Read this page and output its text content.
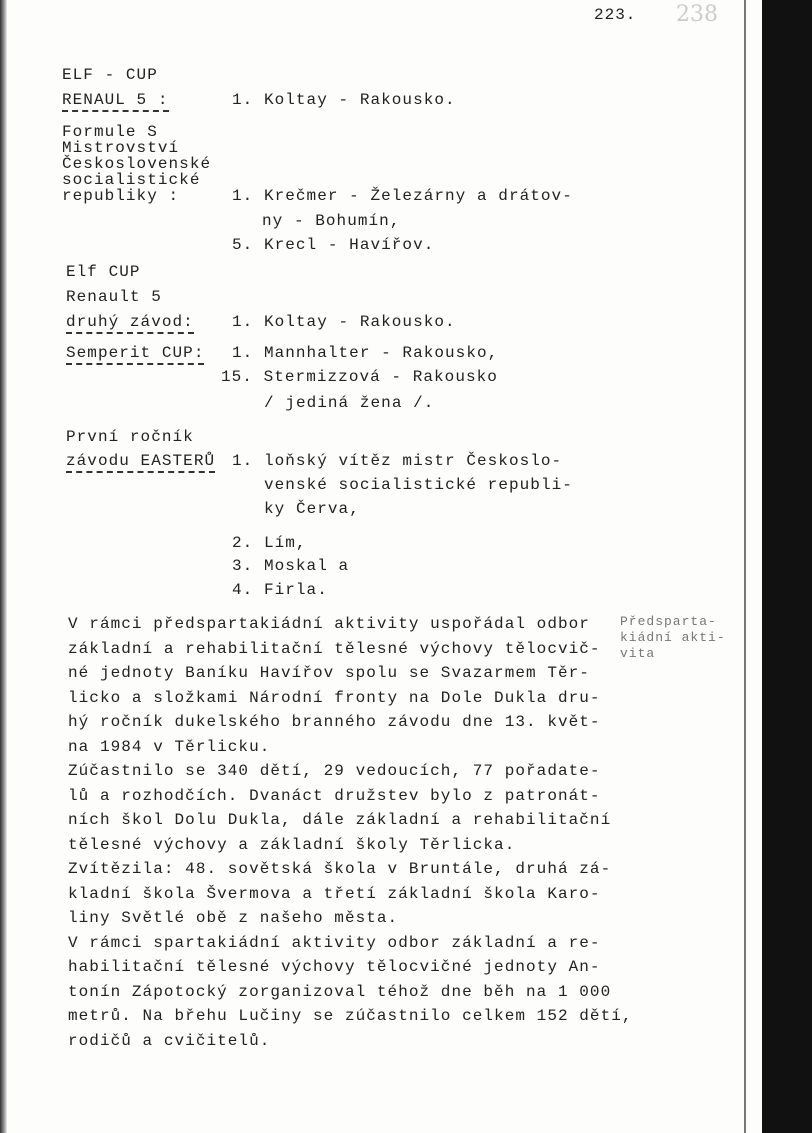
223. 238
ELF - CUP
RENAUL 5 :	1. Koltay - Rakousko.
Formule S
Mistrovství
Československé
socialistické
republiky :	1. Krečmer - Železárny a drátov-
ny - Bohumín,
5. Krecl - Havířov.
Elf CUP
Renault 5
druhý závod: 1. Koltay - Rakousko.
Semperit CUP: 1. Mannhalter - Rakousko,
15. Stermizzová - Rakousko
/ jediná žena /.
První ročník
závodu EASTERŮ 1. loňský vítěz mistr Českoslo-
venské socialistické republi-
ky Červa,
2. Lím,
3. Moskal a
4. Firla.
V rámci předspartakiádní aktivity uspořádal odbor
základní a rehabilitační tělesné výchovy tělocvič-
né jednoty Baníku Havířov spolu se Svazarmem Těr-
licko a složkami Národní fronty na Dole Dukla dru-
hý ročník dukelského branného závodu dne 13. květ-
na 1984 v Těrlicku.
Zúčastnilo se 340 dětí, 29 vedoucích, 77 pořadate-
lů a rozhodčích. Dvanáct družstev bylo z patronát-
ních škol Dolu Dukla, dále základní a rehabilitační
tělesné výchovy a základní školy Těrlicka.
Zvítězila: 48. sovětská škola v Bruntále, druhá zá-
kladní škola Švermova a třetí základní škola Karo-
liny Světlé obě z našeho města.
V rámci spartakiádní aktivity odbor základní a re-
habilitační tělesné výchovy tělocvičné jednoty An-
tonín Zápotocký zorganizoval téhož dne běh na 1 000
metrů. Na břehu Lučiny se zúčastnilo celkem 152 dětí,
rodičů a cvičitelů.
Předsparta-
kiádní akti-
vita
